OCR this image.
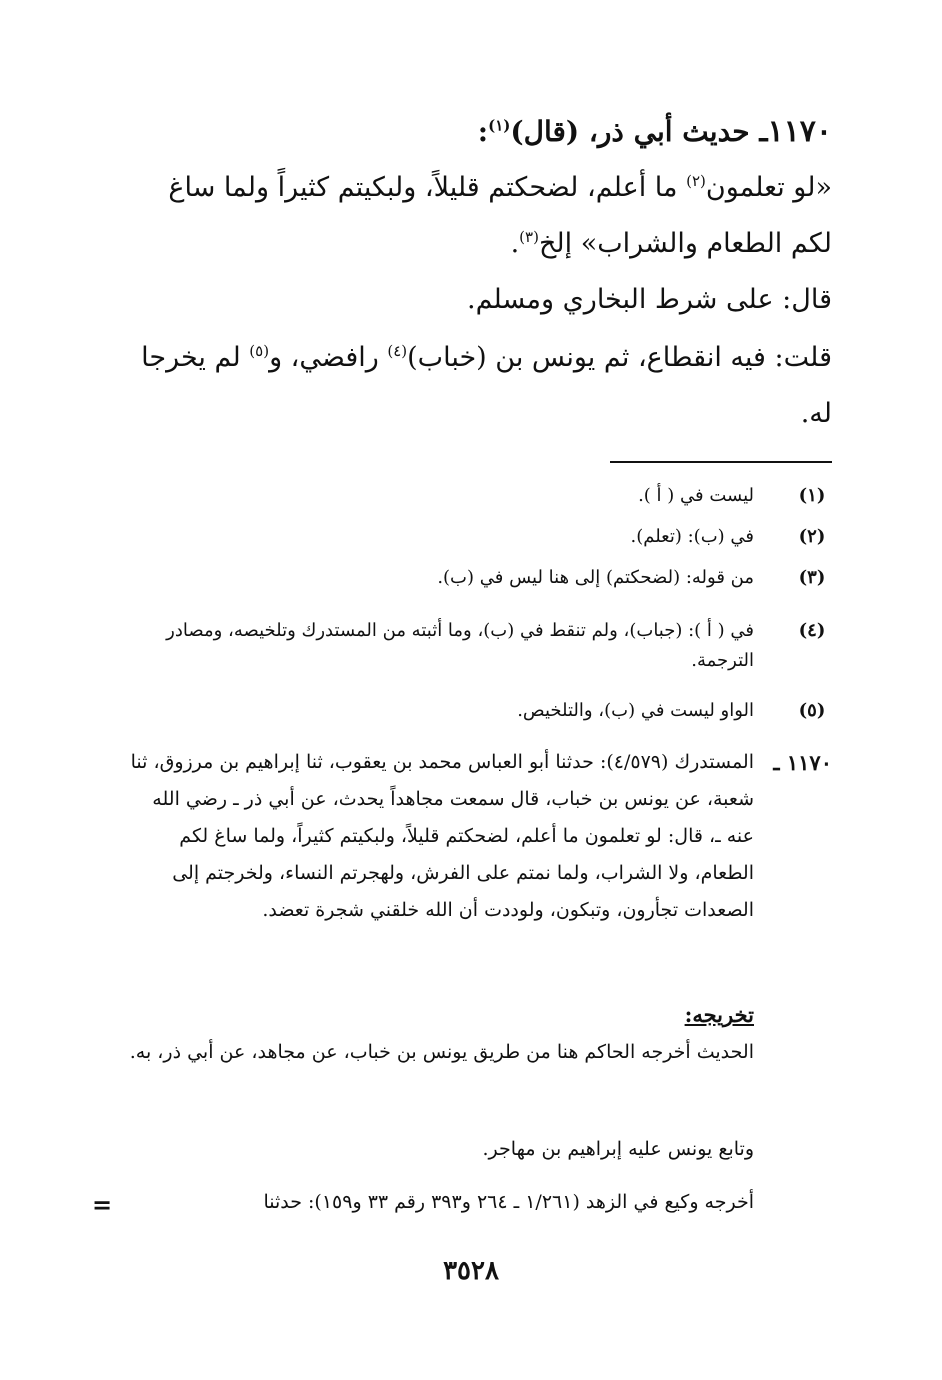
١١٧٠ـ حديث أبي ذر، (قال)$^{(١)}$:
«لو تعلمون$^{(٢)}$ ما أعلم، لضحكتم قليلاً، ولبكيتم كثيراً ولما ساغ لكم الطعام والشراب» إلخ$^{(٣)}$.
قال: على شرط البخاري ومسلم.
قلت: فيه انقطاع، ثم يونس بن (خباب)$^{(٤)}$ رافضي، و$^{(٥)}$ لم يخرجا له.
(١)
ليست في ( أ ).
(٢)
في (ب): (تعلم).
(٣)
من قوله: (لضحكتم) إلى هنا ليس في (ب).
(٤)
في ( أ ): (جباب)، ولم تنقط في (ب)، وما أثبته من المستدرك وتلخيصه، ومصادر الترجمة.
(٥)
الواو ليست في (ب)، والتلخيص.
١١٧٠ ـ
المستدرك (٤/٥٧٩): حدثنا أبو العباس محمد بن يعقوب، ثنا إبراهيم بن مرزوق، ثنا شعبة، عن يونس بن خباب، قال سمعت مجاهداً يحدث، عن أبي ذر ـ رضي الله عنه ـ، قال: لو تعلمون ما أعلم، لضحكتم قليلاً، ولبكيتم كثيراً، ولما ساغ لكم الطعام، ولا الشراب، ولما نمتم على الفرش، ولهجرتم النساء، ولخرجتم إلى الصعدات تجأرون، وتبكون، ولوددت أن الله خلقني شجرة تعضد.
تخريجه:
الحديث أخرجه الحاكم هنا من طريق يونس بن خباب، عن مجاهد، عن أبي ذر، به.
وتابع يونس عليه إبراهيم بن مهاجر.
أخرجه وكيع في الزهد (١/٢٦١ ـ ٢٦٤ و٣٩٣ رقم ٣٣ و١٥٩): حدثنا
=
٣٥٢٨
